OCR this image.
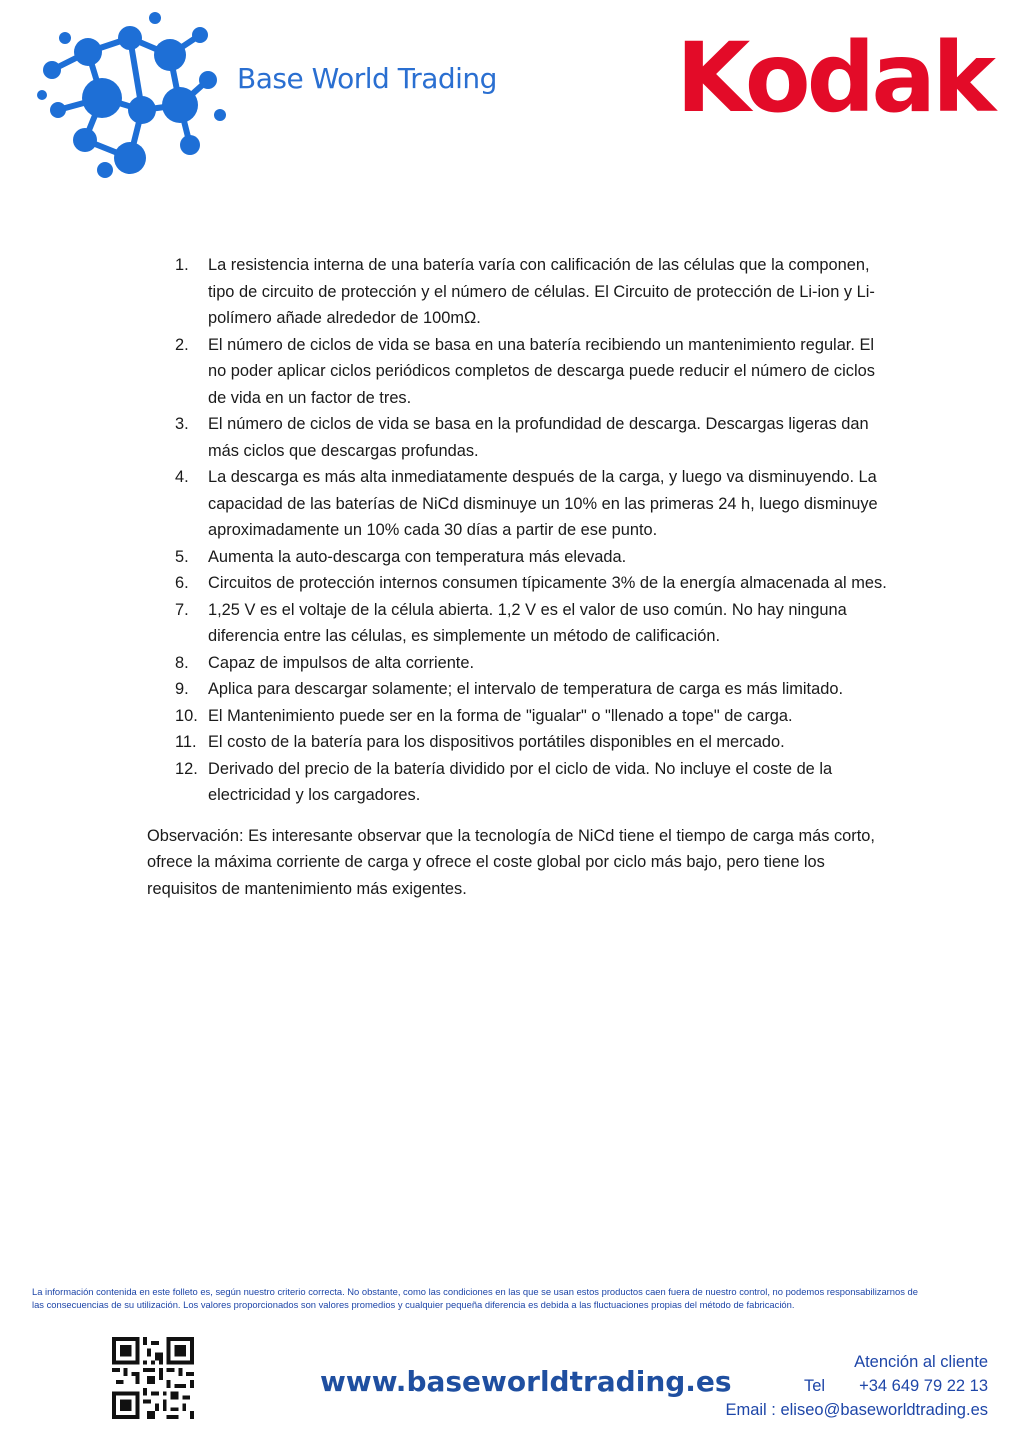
Base World Trading Kodak
1. La resistencia interna de una batería varía con calificación de las células que la componen, tipo de circuito de protección y el número de células. El Circuito de protección de Li-ion y Li-polímero añade alrededor de 100mΩ.
2. El número de ciclos de vida se basa en una batería recibiendo un mantenimiento regular. El no poder aplicar ciclos periódicos completos de descarga puede reducir el número de ciclos de vida en un factor de tres.
3. El número de ciclos de vida se basa en la profundidad de descarga. Descargas ligeras dan más ciclos que descargas profundas.
4. La descarga es más alta inmediatamente después de la carga, y luego va disminuyendo. La capacidad de las baterías de NiCd disminuye un 10% en las primeras 24 h, luego disminuye aproximadamente un 10% cada 30 días a partir de ese punto.
5. Aumenta la auto-descarga con temperatura más elevada.
6. Circuitos de protección internos consumen típicamente 3% de la energía almacenada al mes.
7. 1,25 V es el voltaje de la célula abierta. 1,2 V es el valor de uso común. No hay ninguna diferencia entre las células, es simplemente un método de calificación.
8. Capaz de impulsos de alta corriente.
9. Aplica para descargar solamente; el intervalo de temperatura de carga es más limitado.
10. El Mantenimiento puede ser en la forma de "igualar" o "llenado a tope" de carga.
11. El costo de la batería para los dispositivos portátiles disponibles en el mercado.
12. Derivado del precio de la batería dividido por el ciclo de vida. No incluye el coste de la electricidad y los cargadores.

Observación: Es interesante observar que la tecnología de NiCd tiene el tiempo de carga más corto, ofrece la máxima corriente de carga y ofrece el coste global por ciclo más bajo, pero tiene los requisitos de mantenimiento más exigentes.

La información contenida en este folleto es, según nuestro criterio correcta. No obstante, como las condiciones en las que se usan estos productos caen fuera de nuestro control, no podemos responsabilizarnos de
las consecuencias de su utilización. Los valores proporcionados son valores promedios y cualquier pequeña diferencia es debida a las fluctuaciones propias del método de fabricación.
www.baseworldtrading.es
Atención al cliente
Tel +34 649 79 22 13
Email : eliseo@baseworldtrading.es
